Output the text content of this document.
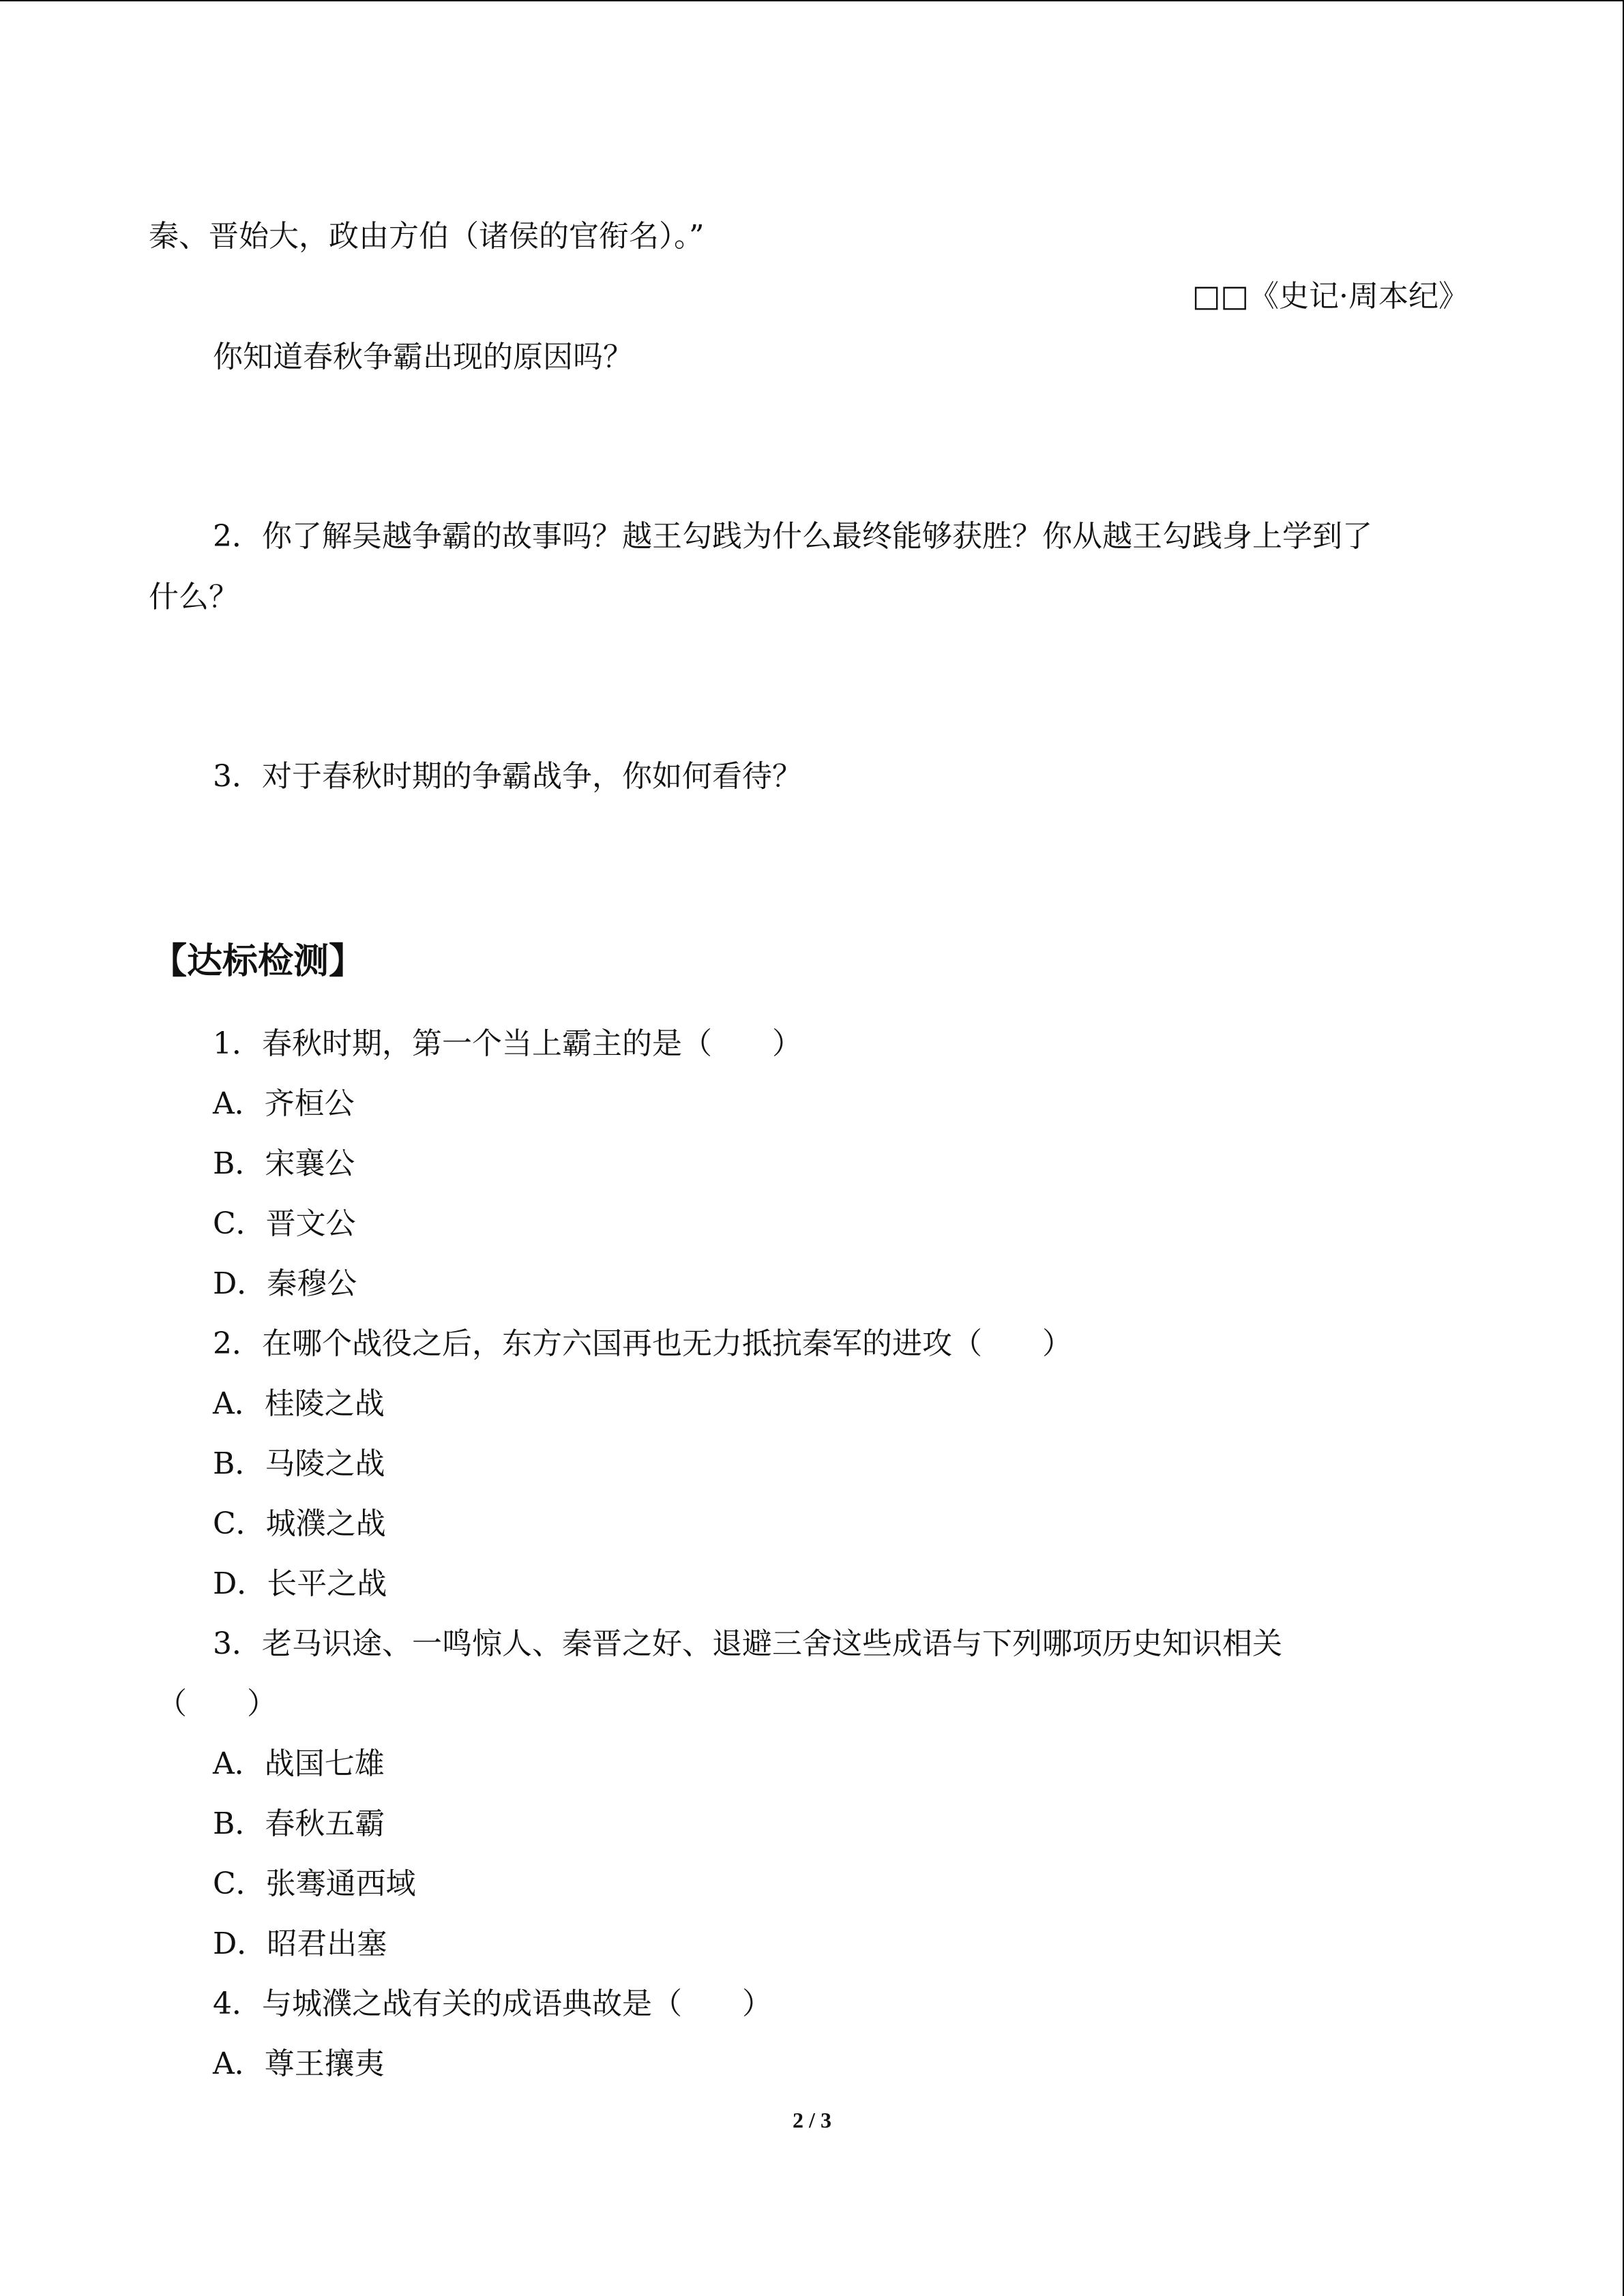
秦、晋始大，政由方伯（诸侯的官衔名）。”
□□《史记·周本纪》
你知道春秋争霸出现的原因吗？
2．你了解吴越争霸的故事吗？越王勾践为什么最终能够获胜？你从越王勾践身上学到了
什么？
3．对于春秋时期的争霸战争，你如何看待？
【达标检测】
1．春秋时期，第一个当上霸主的是（　　）
A．齐桓公
B．宋襄公
C．晋文公
D．秦穆公
2．在哪个战役之后，东方六国再也无力抵抗秦军的进攻（　　）
A．桂陵之战
B．马陵之战
C．城濮之战
D．长平之战
3．老马识途、一鸣惊人、秦晋之好、退避三舍这些成语与下列哪项历史知识相关
（　　）
A．战国七雄
B．春秋五霸
C．张骞通西域
D．昭君出塞
4．与城濮之战有关的成语典故是（　　）
A．尊王攘夷
2 / 3
